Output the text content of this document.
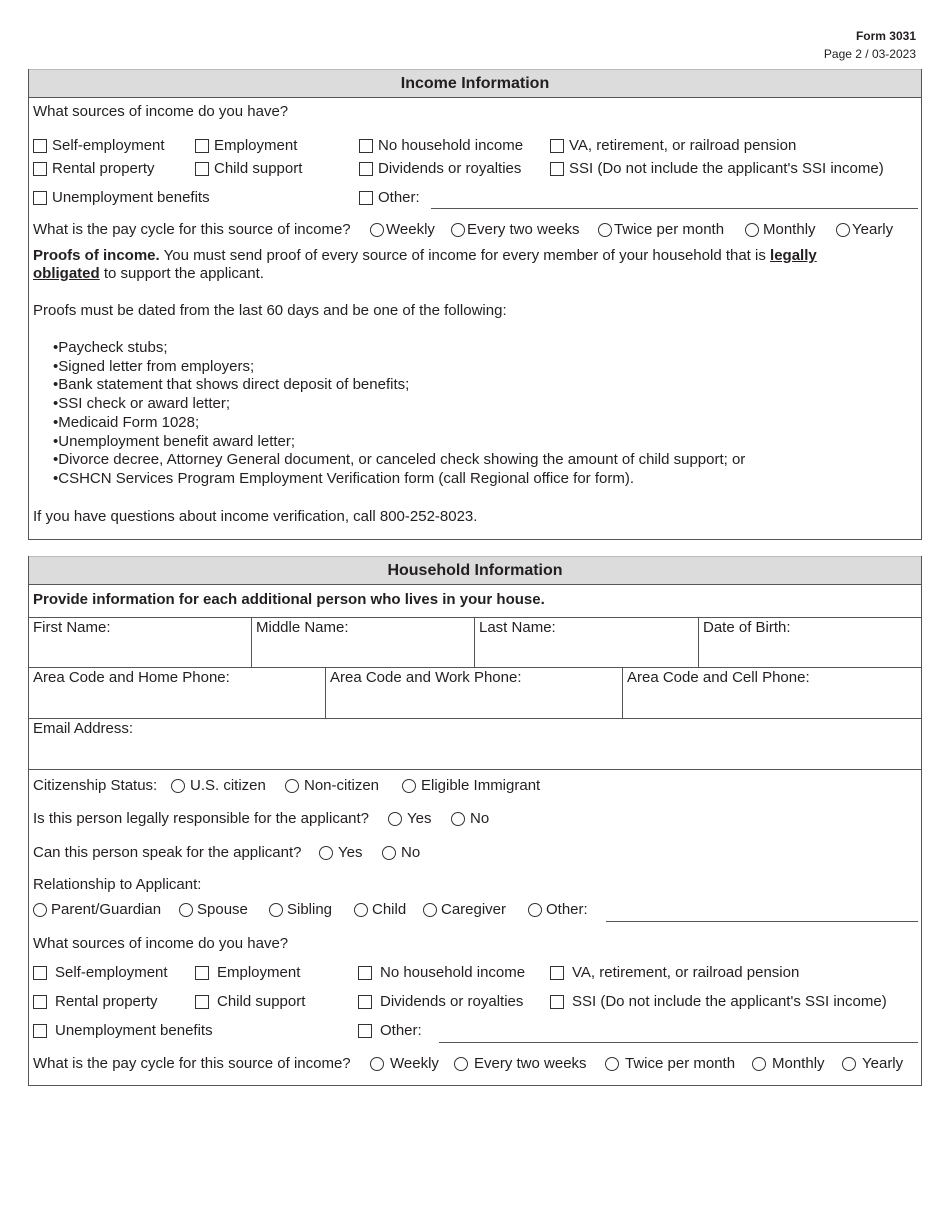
Form 3031
Page 2 / 03-2023
Income Information
What sources of income do you have?
Self-employment	Employment	No household income	VA, retirement, or railroad pension
Rental property	Child support	Dividends or royalties	SSI (Do not include the applicant's SSI income)
Unemployment benefits	Other:
What is the pay cycle for this source of income? Weekly Every two weeks Twice per month	Monthly Yearly
Proofs of income. You must send proof of every source of income for every member of your household that is legally
obligated to support the applicant.
Proofs must be dated from the last 60 days and be one of the following:
• Paycheck stubs;
• Signed letter from employers;
• Bank statement that shows direct deposit of benefits;
• SSI check or award letter;
• Medicaid Form 1028;
• Unemployment benefit award letter;
• Divorce decree, Attorney General document, or canceled check showing the amount of child support; or
• CSHCN Services Program Employment Verification form (call Regional office for form).
If you have questions about income verification, call 800-252-8023.
Household Information
Provide information for each additional person who lives in your house.
First Name:	Middle Name:	Last Name:	Date of Birth:
Area Code and Home Phone:	Area Code and Work Phone:	Area Code and Cell Phone:
Email Address:
Citizenship Status: U.S. citizen	Non-citizen	Eligible Immigrant
Is this person legally responsible for the applicant?	Yes	No
Can this person speak for the applicant? Yes	No
Relationship to Applicant:
Parent/Guardian Spouse	Sibling	Child Caregiver	Other:
What sources of income do you have?
Self-employment	Employment	No household income	VA, retirement, or railroad pension
Rental property	Child support	Dividends or royalties	SSI (Do not include the applicant's SSI income)
Unemployment benefits	Other:
What is the pay cycle for this source of income?	Weekly Every two weeks	Twice per month Monthly Yearly
